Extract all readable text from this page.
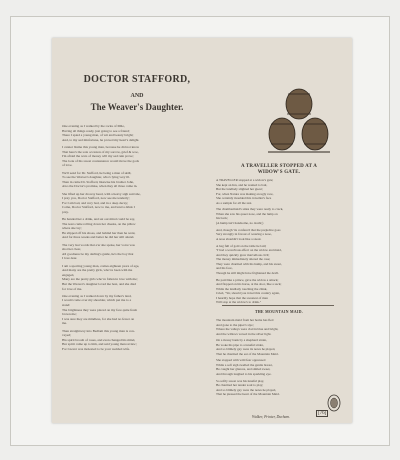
DOCTOR STAFFORD,
AND
The Weaver's Daughter.

One evening as I walked by the rocks of Mile,
Having all things ready, just going to see a friend;
There I spied a young man, of wit and beauty bright;
And, to my sad misfortune, he proved my heart's delight.

I cannot blame this young man, because he did not know
That here's the sole occasion of my sorrow, grief & woe,
I'm afraid the wars of money will my sad ruin prove;
The look of his sweet countenance would move the gods
of love.

We'll send for Dr. Stafford, he being a man of skill,
To see the Weaver's daughter, who's lying very ill.
Then in came Dr. Stafford, likewise his brother John,
Also the Doctor's promise, when they all three came in.

She lifted up her drowsy head, with a heavy sigh said she,
I pray you, Doctor Stafford, now see me tenderly;
For I am bad, and very bad, and in a deep decay;
Come, Doctor Stafford, now to me, and lend a drink I
pray.

He handed her a drink, and sat our mind could be say,
The tears came rolling down her cheeks, on the pillow
where she lay;
He slipped off his shoes, and behind her then he went,
And for three weeks and better he did her still attend.

The very last words that e'er she spoke, her voice was
shot her clear,
All goodness be my darling's guide, he's the boy that
I love dear.

I am a sporting young man, comes eighteen years of age,
And many are the pretty girls, who've been with me
engaged,
Many are the pretty girls who've fallen in love with me;
But the Weaver's daughter loved me best, and she died
for love of me.

One evening as I walked down by my father's land,
I would come over my shoulder, which put me to a
stand:
The brightness they were placed on my face quite fresh
brown me;
I was sure they are mindless, for she had no fewer on
me.

Then straightway into Bedlam this young man is con-
veyed;
His spirit brooth of roses, and even changed his mind,
Her spirit came up to him, and said young man review;
For I never was molested to be your wedded wife.

A TRAVELLER STOPPED AT A
WIDOW'S GATE.

A TRAVELLER stopped at a widow's gate;
She kept an Inn, and he wanted to bait,
But the landlady slighted her guest;
For, when Nature was making an ugly race,
She certainly moulded this traveller's face
As a sample for all the rest.

The chambermaid's sides they were ready to crack,
When she saw his queer nose, and the lump on
his back;
(A hump isn't handsome, no doubt;)

And, though 'tis confess'd that the prejudice goes
Very strongly in favour of wearing a nose,
A nose shouldn't look like a snout.

A bag full of gold on the table he laid;
'T had a wond'rous effect on the widow and maid,
And they quickly grew marvellous civil;
The money immediately altered the case;
They were charmed with his hump, and his snout,
and his face,
Though he still might have frightened the devil.

He paid like a prince, gave the widow a smack;
And flopped on his horse, at the door, like a sack;
While the landlady touching the chink,
Cried, "Sir, should you travel this country again,
I heartily hope that the sweetest of men
Will stop at the widow's to drink."

THE MOUNTAIN MAID.

The mountain maid from her home has fled
And gone to the piper's stye;
Where the valleys were clad in blue and bright,
And the willows waved in the silver light.

On a mossy bank by a shepherd strain,
He woke his pipe to a tuneful strain,
And so blithely gay were its notes he played,
That he charmed the ear of the Mountain Maid.

She stopped with wild fear oppressed
While a soft sigh swelled the gentle breast,
He caught her glances, and smiled sweet,
And through laughed to his sparkling eye.

So softly sweet was his tuneful play,
He charmed her tender soul to play;
And so blithely gay were the notes he played,
That he pleased the heart of the Mountain Maid.

Walker, Printer, Durham.
[76]
